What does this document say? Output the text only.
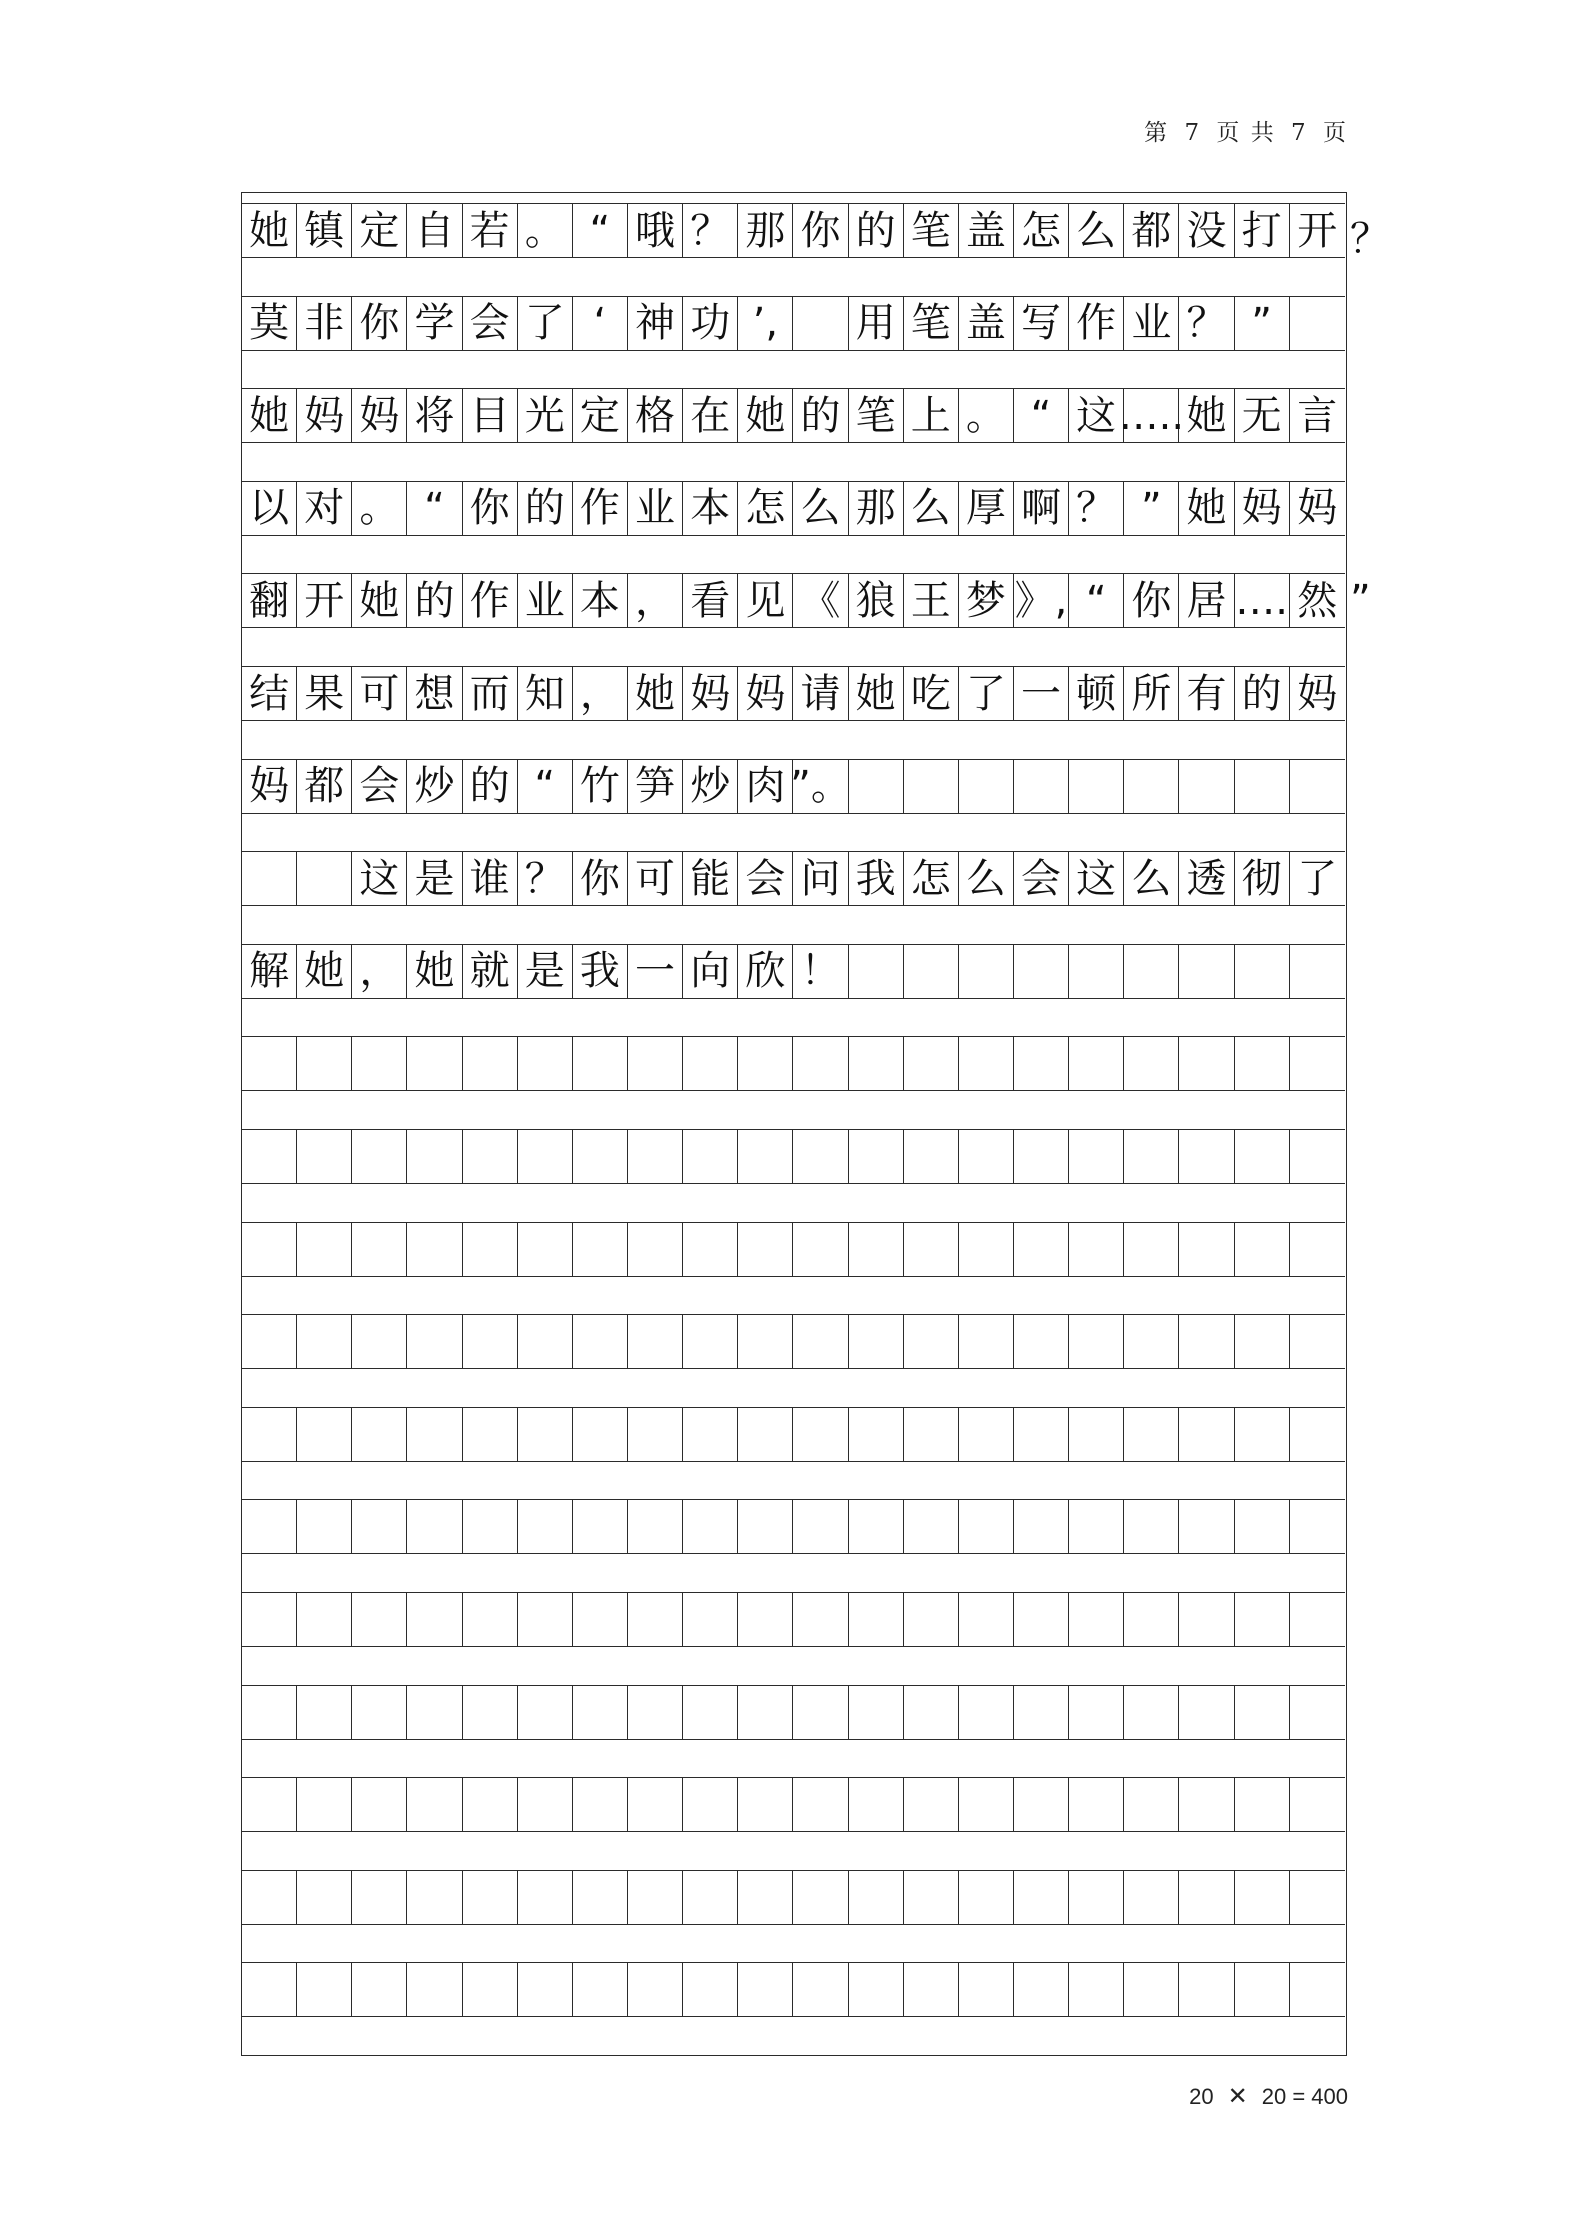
第 7 页 共 7 页
她 镇 定 自 若 。 “ 哦 ？ 那 你 的 笔 盖 怎 么 都 没 打 开 ？
莫 非 你 学 会 了 ‘ 神 功 ’,	用 笔 盖 写 作 业 ？ ”
她 妈 妈 将 目 光 定 格 在 她 的 笔 上 。 “ 这 ….. 她 无 言
以 对 。 “ 你 的 作 业 本 怎 么 那 么 厚 啊 ？ ” 她 妈 妈
翻 开 她 的 作 业 本 ， 看 见 《 狼 王 梦 》, “ 你 居 …. 然 ”
结 果 可 想 而 知 ， 她 妈 妈 请 她 吃 了 一 顿 所 有 的 妈
妈 都 会 炒 的 “ 竹 笋 炒 肉 ”。
这 是 谁 ？ 你 可 能 会 问 我 怎 么 会 这 么 透 彻 了
解 她 ， 她 就 是 我 一 向 欣 ！
20 ✕ 20 = 400
